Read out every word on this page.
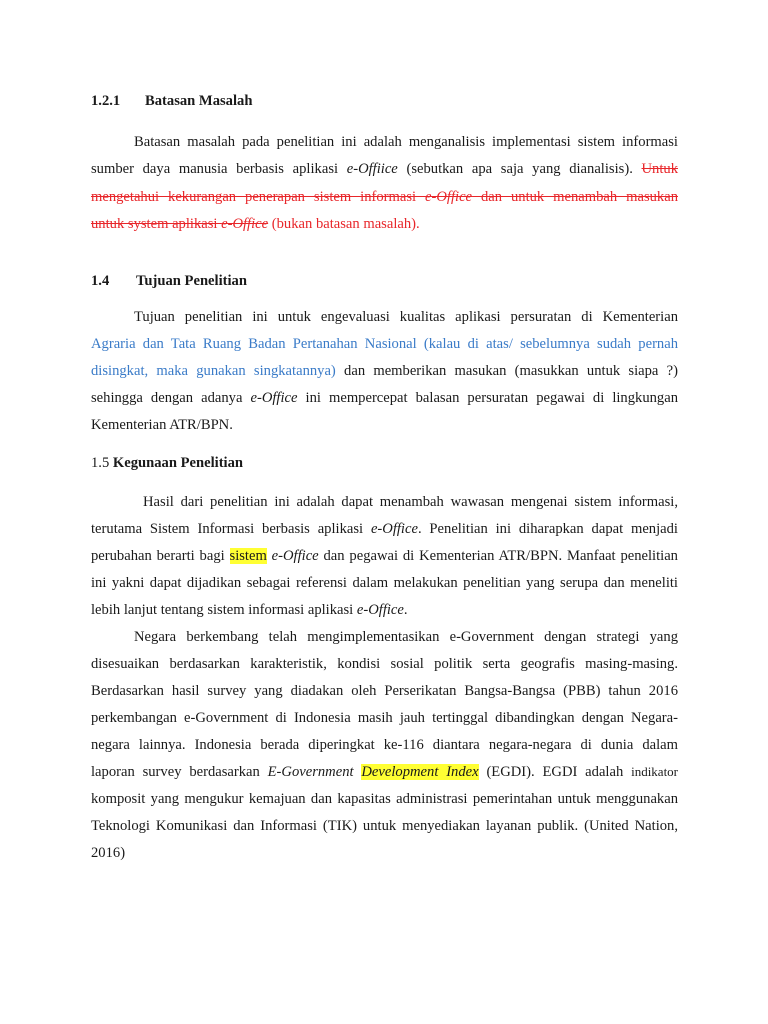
1.2.1 Batasan Masalah
Batasan masalah pada penelitian ini adalah menganalisis implementasi sistem informasi
sumber daya manusia berbasis aplikasi e-Offiice (sebutkan apa saja yang dianalisis). Untuk
mengetahui kekurangan penerapan sistem informasi e-Office dan untuk menambah masukan
untuk system aplikasi e-Office (bukan batasan masalah).
1.4 Tujuan Penelitian
Tujuan penelitian ini untuk engevaluasi kualitas aplikasi persuratan di Kementerian
Agraria dan Tata Ruang Badan Pertanahan Nasional (kalau di atas/ sebelumnya sudah pernah
disingkat, maka gunakan singkatannya) dan memberikan masukan (masukkan untuk siapa ?)
sehingga dengan adanya e-Office ini mempercepat balasan persuratan pegawai di lingkungan
Kementerian ATR/BPN.
1.5 Kegunaan Penelitian
Hasil dari penelitian ini adalah dapat menambah wawasan mengenai sistem informasi,
terutama Sistem Informasi berbasis aplikasi e-Office. Penelitian ini diharapkan dapat menjadi
perubahan berarti bagi sistem e-Office dan pegawai di Kementerian ATR/BPN. Manfaat penelitian
ini yakni dapat dijadikan sebagai referensi dalam melakukan penelitian yang serupa dan meneliti
lebih lanjut tentang sistem informasi aplikasi e-Office.
Negara berkembang telah mengimplementasikan e-Government dengan strategi yang
disesuaikan berdasarkan karakteristik, kondisi sosial politik serta geografis masing-masing.
Berdasarkan hasil survey yang diadakan oleh Perserikatan Bangsa-Bangsa (PBB) tahun 2016
perkembangan e-Government di Indonesia masih jauh tertinggal dibandingkan dengan Negara-
negara lainnya. Indonesia berada diperingkat ke-116 diantara negara-negara di dunia dalam
laporan survey berdasarkan E-Government Development Index (EGDI). EGDI adalah indikator
komposit yang mengukur kemajuan dan kapasitas administrasi pemerintahan untuk menggunakan
Teknologi Komunikasi dan Informasi (TIK) untuk menyediakan layanan publik. (United Nation,
2016)
